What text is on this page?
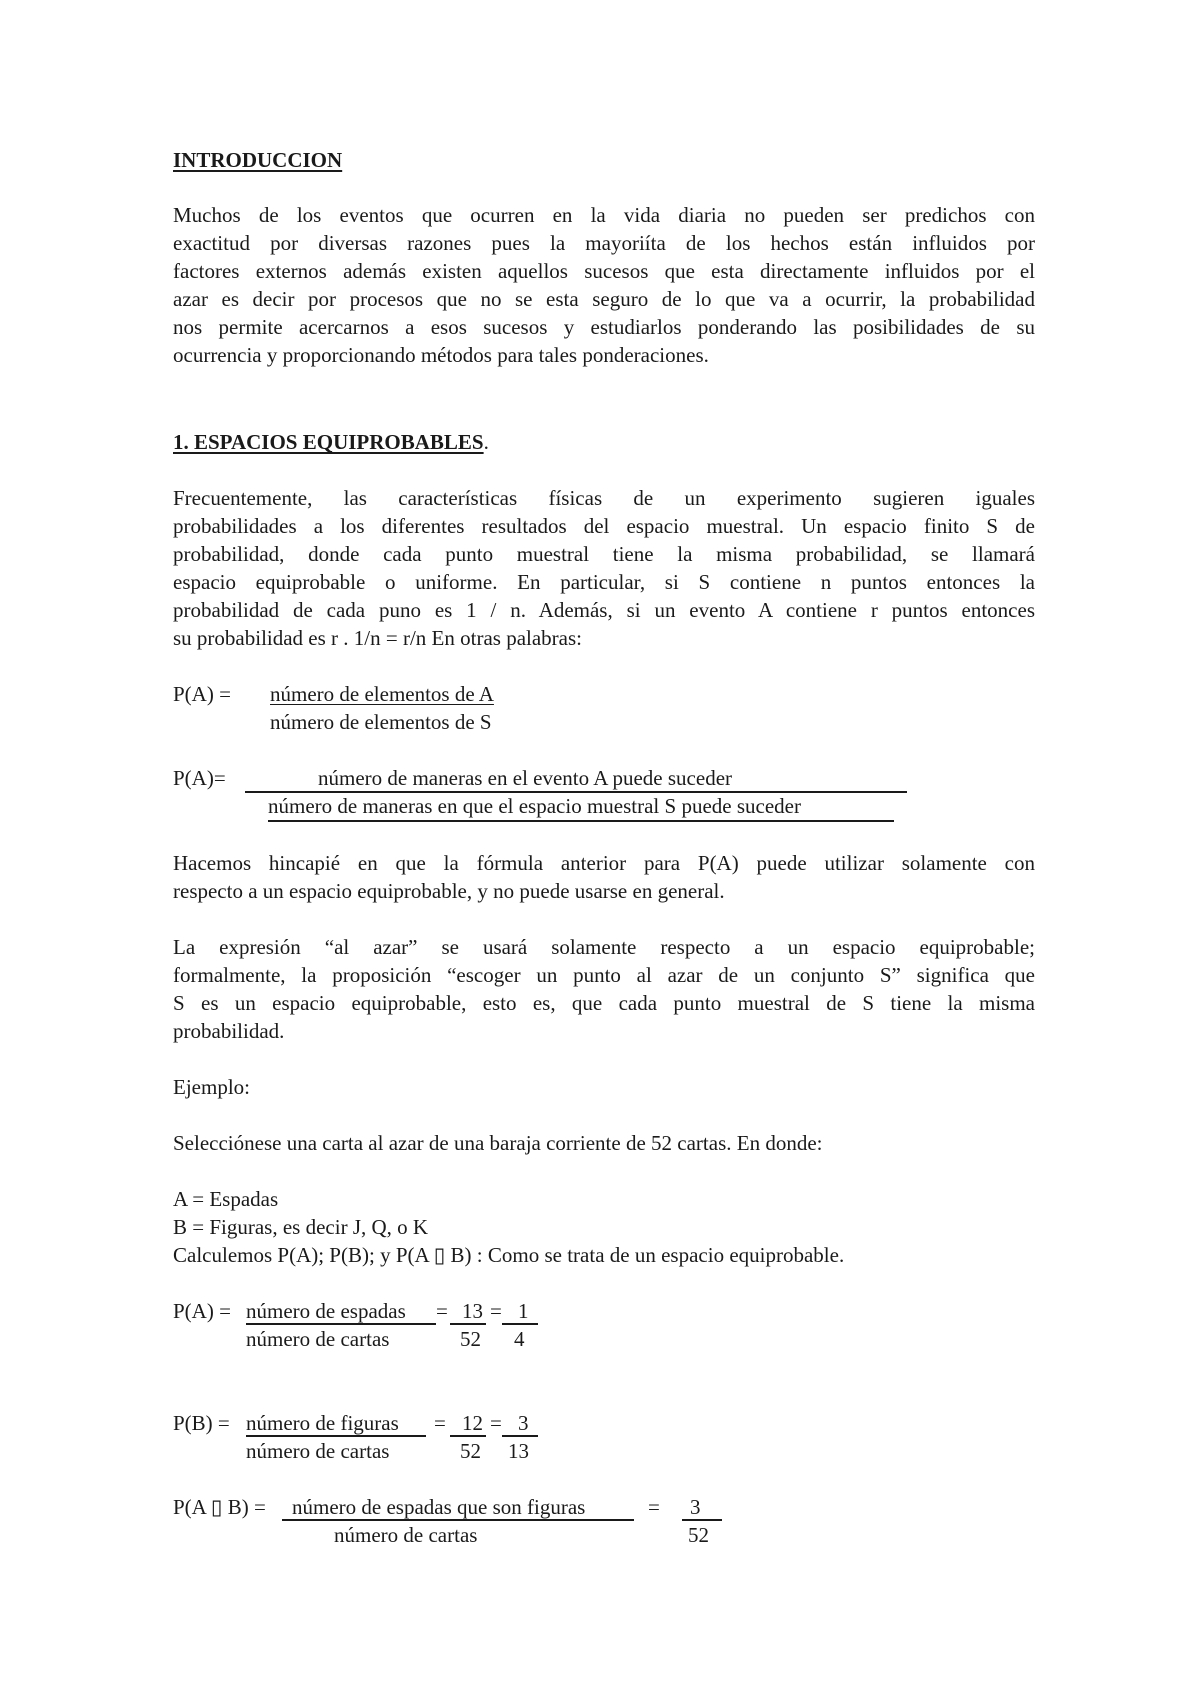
INTRODUCCION
Muchos de los eventos que ocurren en la vida diaria no pueden ser predichos con
exactitud por diversas razones pues la mayoriíta de los hechos están influidos por
factores externos además existen aquellos sucesos que esta directamente influidos por el
azar es decir por procesos que no se esta seguro de lo que va a ocurrir, la probabilidad
nos permite acercarnos a esos sucesos y estudiarlos ponderando las posibilidades de su
ocurrencia y proporcionando métodos para tales ponderaciones.
1. ESPACIOS EQUIPROBABLES.
Frecuentemente, las características físicas de un experimento sugieren iguales
probabilidades a los diferentes resultados del espacio muestral. Un espacio finito S de
probabilidad, donde cada punto muestral tiene la misma probabilidad, se llamará
espacio equiprobable o uniforme. En particular, si S contiene n puntos entonces la
probabilidad de cada puno es 1 / n. Además, si un evento A contiene r puntos entonces
su probabilidad es r . 1/n = r/n En otras palabras:
P(A) = número de elementos de A
número de elementos de S
P(A)=	número de maneras en el evento A puede suceder
número de maneras en que el espacio muestral S puede suceder
Hacemos hincapié en que la fórmula anterior para P(A) puede utilizar solamente con
respecto a un espacio equiprobable, y no puede usarse en general.
La expresión “al azar” se usará solamente respecto a un espacio equiprobable;
formalmente, la proposición “escoger un punto al azar de un conjunto S” significa que
S es un espacio equiprobable, esto es, que cada punto muestral de S tiene la misma
probabilidad.
Ejemplo:
Selecciónese una carta al azar de una baraja corriente de 52 cartas. En donde:
A = Espadas
B = Figuras, es decir J, Q, o K
Calculemos P(A); P(B); y P(A ▯ B) : Como se trata de un espacio equiprobable.
P(A) = número de espadas
número de cartas
= 13
52
= 1
4
P(B) = número de figuras
número de cartas
= 12
52
= 3
13
P(A ▯ B) = número de espadas que son figuras
número de cartas
= 3
52
